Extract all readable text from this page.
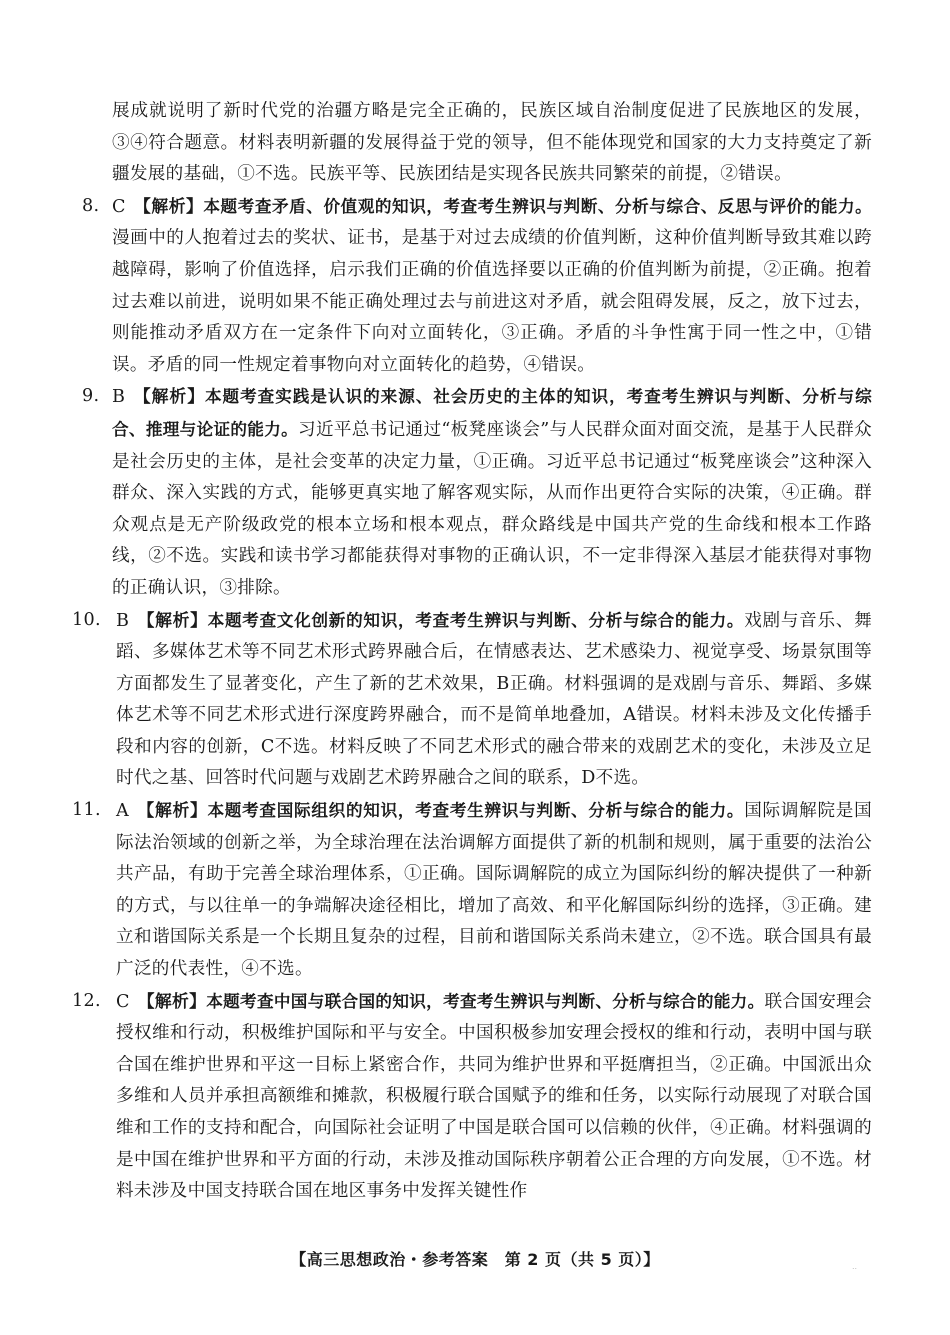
展成就说明了新时代党的治疆方略是完全正确的，民族区域自治制度促进了民族地区的发展，③④符合题意。材料表明新疆的发展得益于党的领导，但不能体现党和国家的大力支持奠定了新疆发展的基础，①不选。民族平等、民族团结是实现各民族共同繁荣的前提，②错误。

8. C 【解析】本题考查矛盾、价值观的知识，考查考生辨识与判断、分析与综合、反思与评价的能力。漫画中的人抱着过去的奖状、证书，是基于对过去成绩的价值判断，这种价值判断导致其难以跨越障碍，影响了价值选择，启示我们正确的价值选择要以正确的价值判断为前提，②正确。抱着过去难以前进，说明如果不能正确处理过去与前进这对矛盾，就会阻碍发展，反之，放下过去，则能推动矛盾双方在一定条件下向对立面转化，③正确。矛盾的斗争性寓于同一性之中，①错误。矛盾的同一性规定着事物向对立面转化的趋势，④错误。
9. B 【解析】本题考查实践是认识的来源、社会历史的主体的知识，考查考生辨识与判断、分析与综合、推理与论证的能力。习近平总书记通过“板凳座谈会”与人民群众面对面交流，是基于人民群众是社会历史的主体，是社会变革的决定力量，①正确。习近平总书记通过“板凳座谈会”这种深入群众、深入实践的方式，能够更真实地了解客观实际，从而作出更符合实际的决策，④正确。群众观点是无产阶级政党的根本立场和根本观点，群众路线是中国共产党的生命线和根本工作路线，②不选。实践和读书学习都能获得对事物的正确认识，不一定非得深入基层才能获得对事物的正确认识，③排除。
10. B 【解析】本题考查文化创新的知识，考查考生辨识与判断、分析与综合的能力。戏剧与音乐、舞蹈、多媒体艺术等不同艺术形式跨界融合后，在情感表达、艺术感染力、视觉享受、场景氛围等方面都发生了显著变化，产生了新的艺术效果，B正确。材料强调的是戏剧与音乐、舞蹈、多媒体艺术等不同艺术形式进行深度跨界融合，而不是简单地叠加，A错误。材料未涉及文化传播手段和内容的创新，C不选。材料反映了不同艺术形式的融合带来的戏剧艺术的变化，未涉及立足时代之基、回答时代问题与戏剧艺术跨界融合之间的联系，D不选。
11. A 【解析】本题考查国际组织的知识，考查考生辨识与判断、分析与综合的能力。国际调解院是国际法治领域的创新之举，为全球治理在法治调解方面提供了新的机制和规则，属于重要的法治公共产品，有助于完善全球治理体系，①正确。国际调解院的成立为国际纠纷的解决提供了一种新的方式，与以往单一的争端解决途径相比，增加了高效、和平化解国际纠纷的选择，③正确。建立和谐国际关系是一个长期且复杂的过程，目前和谐国际关系尚未建立，②不选。联合国具有最广泛的代表性，④不选。
12. C 【解析】本题考查中国与联合国的知识，考查考生辨识与判断、分析与综合的能力。联合国安理会授权维和行动，积极维护国际和平与安全。中国积极参加安理会授权的维和行动，表明中国与联合国在维护世界和平这一目标上紧密合作，共同为维护世界和平挺膺担当，②正确。中国派出众多维和人员并承担高额维和摊款，积极履行联合国赋予的维和任务，以实际行动展现了对联合国维和工作的支持和配合，向国际社会证明了中国是联合国可以信赖的伙伴，④正确。材料强调的是中国在维护世界和平方面的行动，未涉及推动国际秩序朝着公正合理的方向发展，①不选。材料未涉及中国支持联合国在地区事务中发挥关键性作
【高三思想政治・参考答案　第 2 页（共 5 页）】	..
